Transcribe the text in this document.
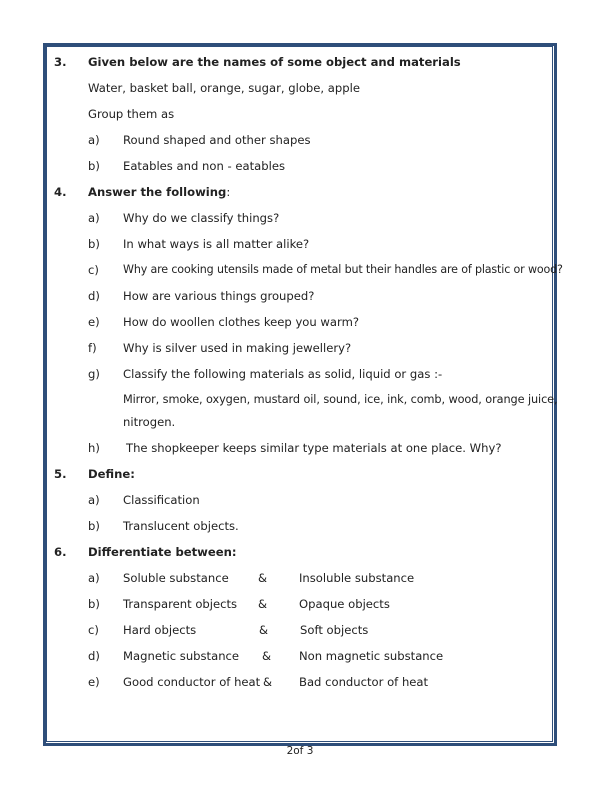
3. Given below are the names of some object and materials
Water, basket ball, orange, sugar, globe, apple
Group them as
a) Round shaped and other shapes
b) Eatables and non - eatables
4. Answer the following:
a) Why do we classify things?
b) In what ways is all matter alike?
c) Why are cooking utensils made of metal but their handles are of plastic or wood?
d) How are various things grouped?
e) How do woollen clothes keep you warm?
f) Why is silver used in making jewellery?
g) Classify the following materials as solid, liquid or gas :-
Mirror, smoke, oxygen, mustard oil, sound, ice, ink, comb, wood, orange juice,
nitrogen.
h) The shopkeeper keeps similar type materials at one place. Why?
5. Define:
a) Classification
b) Translucent objects.
6. Differentiate between:
a) Soluble substance	&	Insoluble substance
b) Transparent objects &	Opaque objects
c) Hard objects	&	Soft objects
d) Magnetic substance & Non magnetic substance
e) Good conductor of heat & Bad conductor of heat
2of 3
